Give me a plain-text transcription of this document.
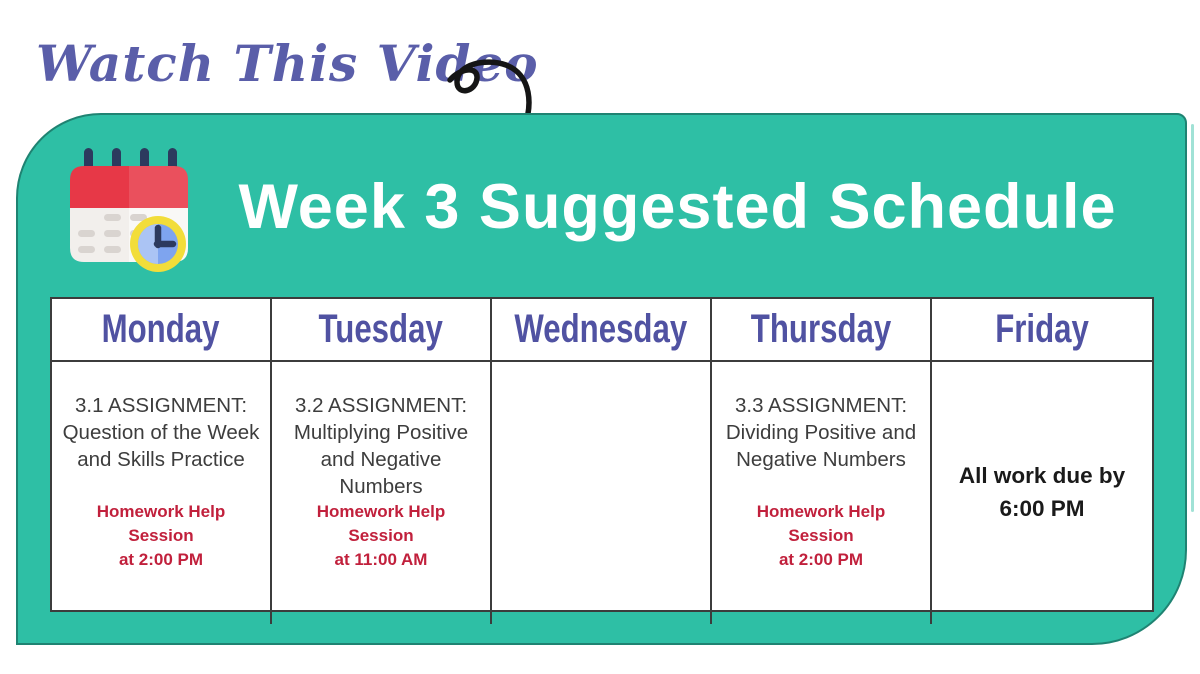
Watch This Video
Week 3 Suggested Schedule
Monday

3.1 ASSIGNMENT: Question of the Week and Skills Practice

Homework Help Session
at 2:00 PM

Tuesday

3.2 ASSIGNMENT: Multiplying Positive and Negative Numbers

Homework Help Session
at 11:00 AM

Wednesday Thursday

3.3 ASSIGNMENT: Dividing Positive and Negative Numbers

Homework Help Session
at 2:00 PM

Friday

All work due by
6:00 PM
